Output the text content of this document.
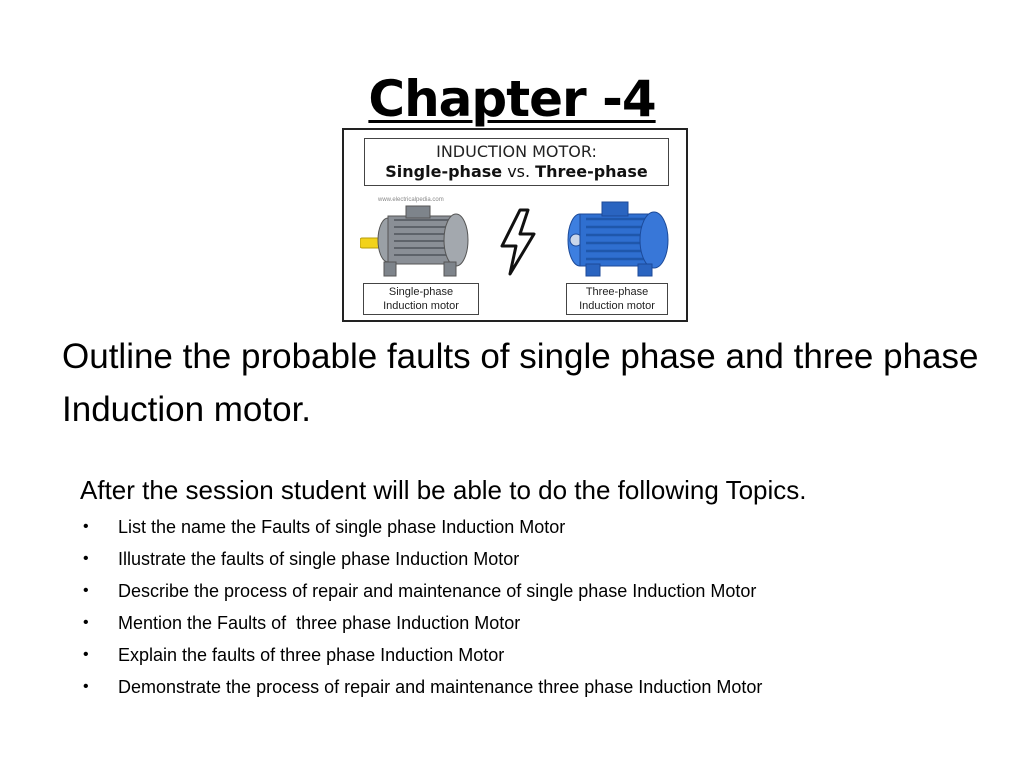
Chapter -4
INDUCTION MOTOR:
Single-phase vs. Three-phase
www.electricalpedia.com
Single-phase
Induction motor
Three-phase
Induction motor
Outline the probable faults of single phase and three phase Induction motor.
After the session student will be able to do the following Topics.
• List the name the Faults of single phase Induction Motor
• Illustrate the faults of single phase Induction Motor
• Describe the process of repair and maintenance of single phase Induction Motor
• Mention the Faults of  three phase Induction Motor
• Explain the faults of three phase Induction Motor
• Demonstrate the process of repair and maintenance three phase Induction Motor
